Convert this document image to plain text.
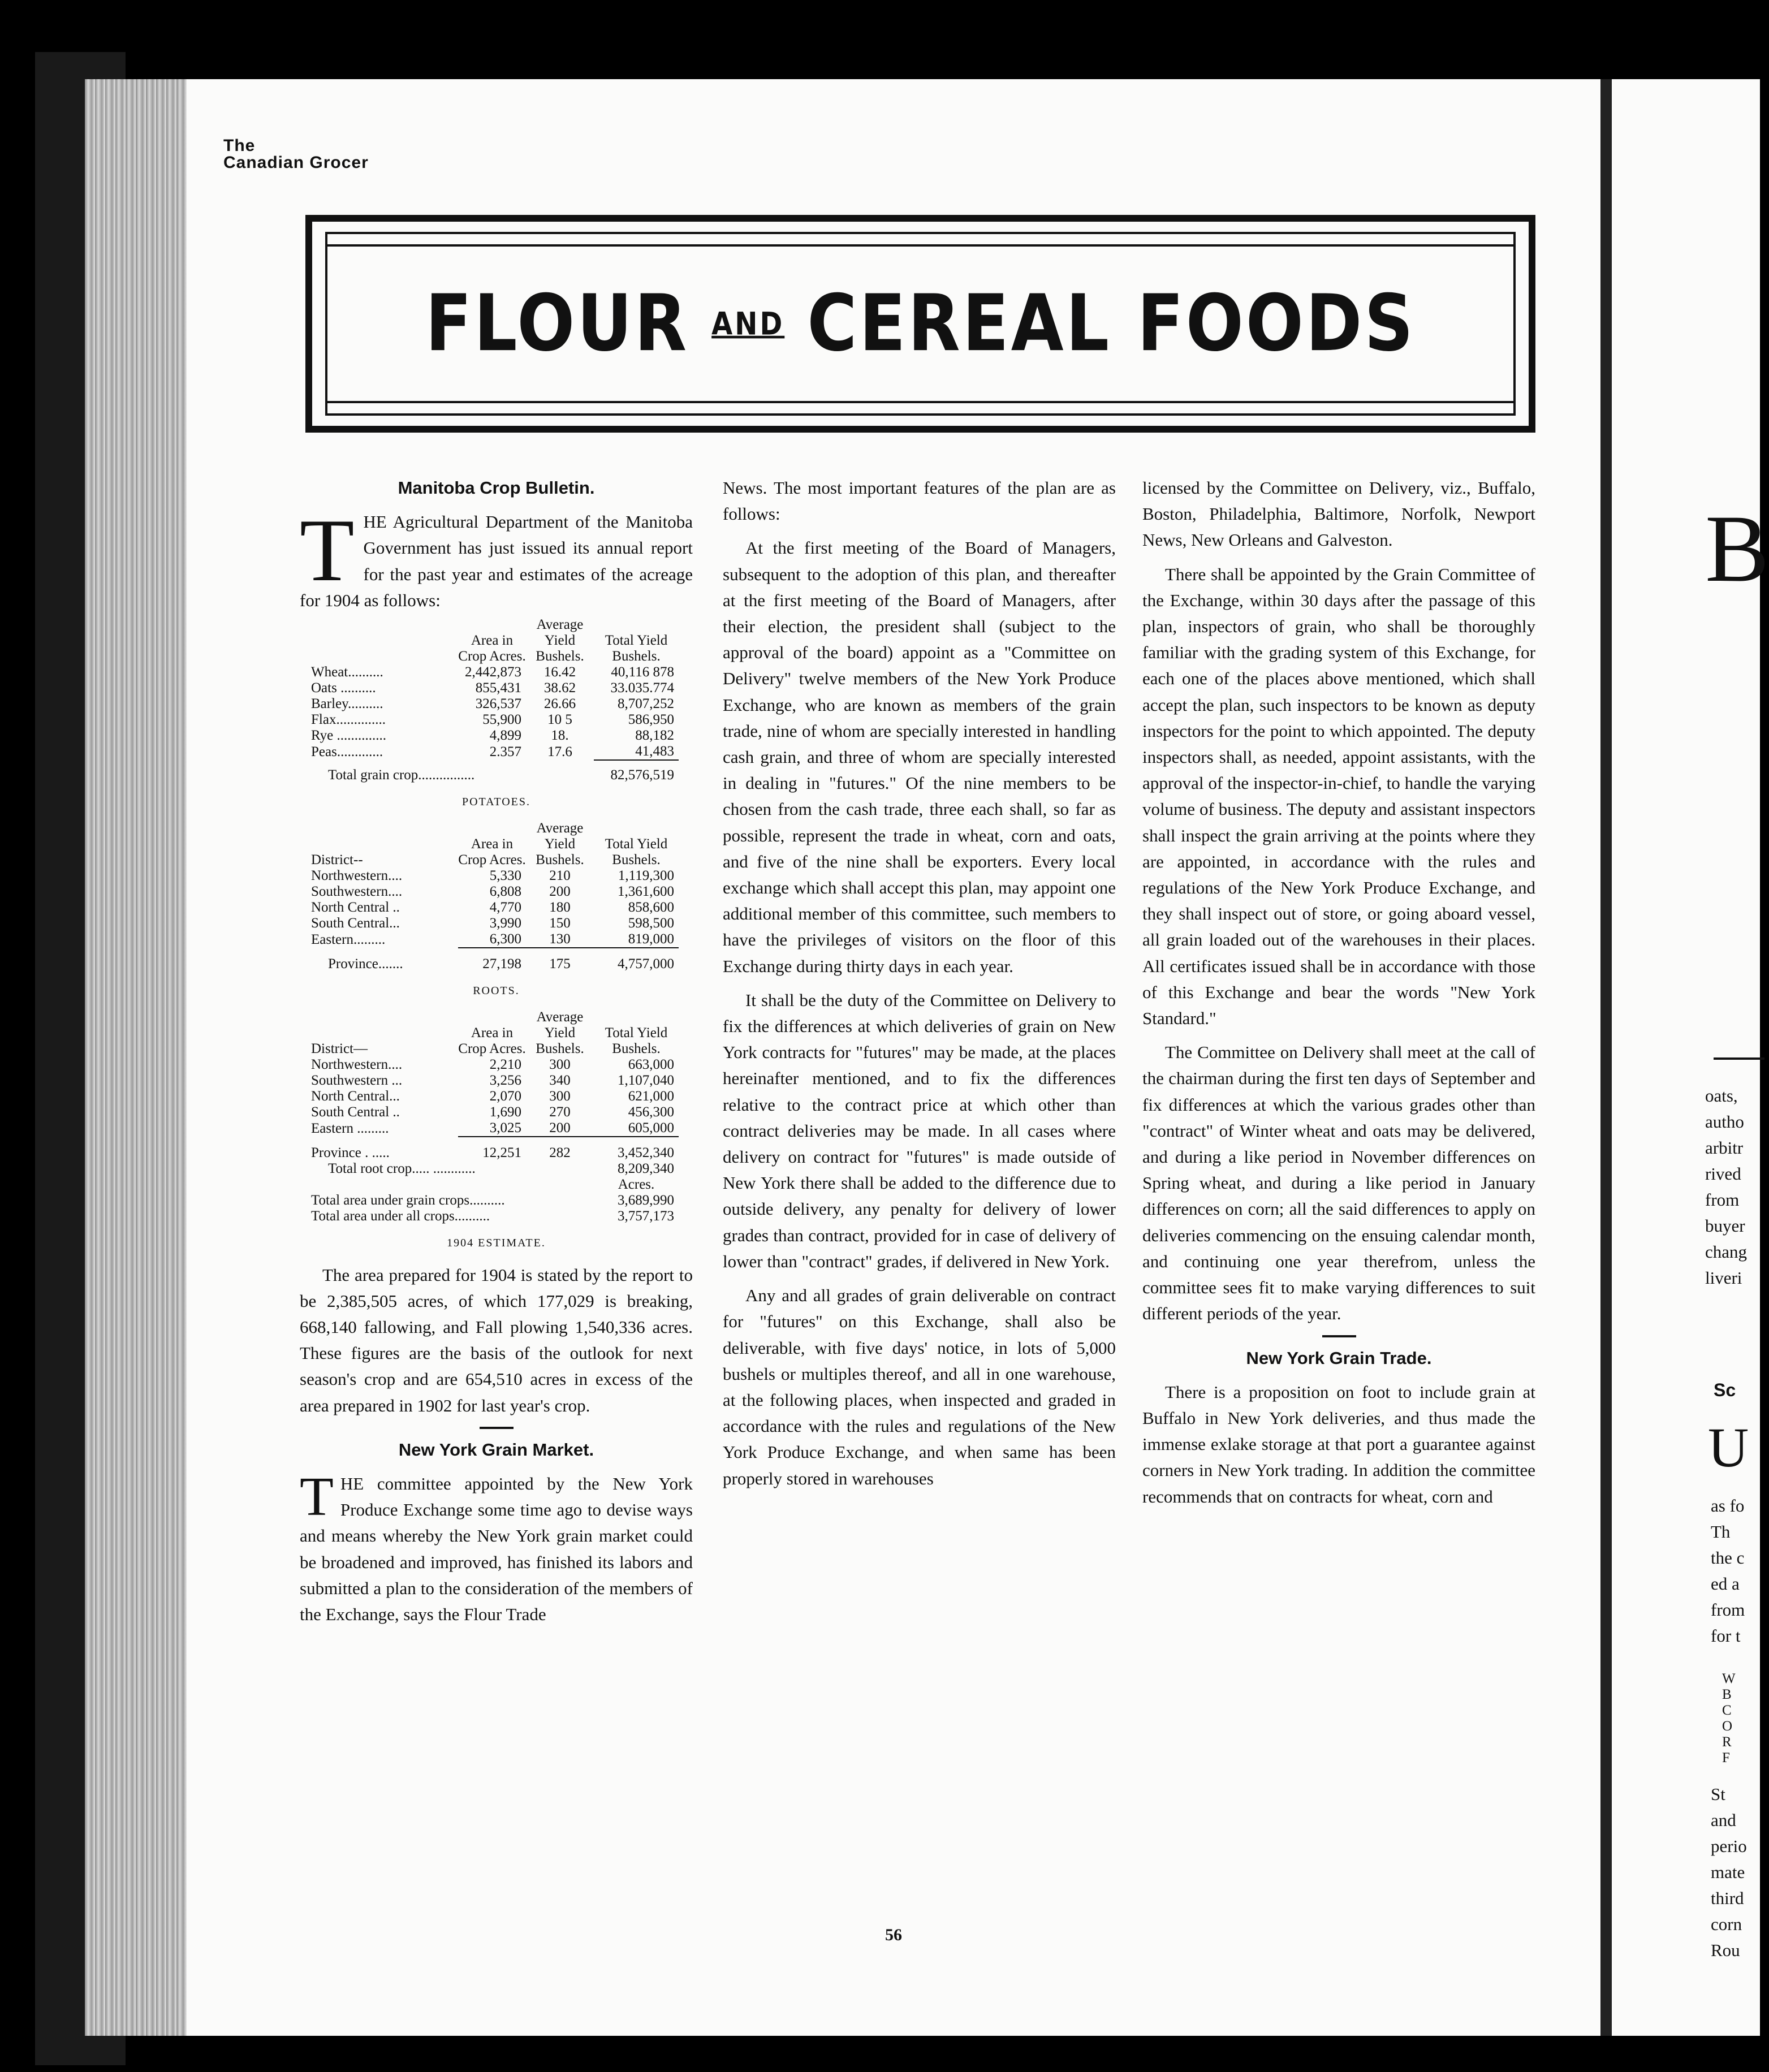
The
Canadian Grocer
FLOUR AND CEREAL FOODS

Manitoba Crop Bulletin.

THE Agricultural Department of the Manitoba Government has just issued its annual report for the past year and estimates of the acreage for 1904 as follows:

	Area in Crop Acres.	Average Yield Bushels.	Total Yield Bushels.
Wheat..........	2,442,873	16.42	40,116 878
Oats ..........	855,431	38.62	33.035.774
Barley..........	326,537	26.66	8,707,252
Flax..............	55,900	10 5	586,950
Rye ..............	4,899	18.	88,182
Peas.............	2.357	17.6	41,483
Total grain crop................			82,576,519
POTATOES.
District--	Area in Crop Acres.	Average Yield Bushels.	Total Yield Bushels.
Northwestern....	5,330	210	1,119,300
Southwestern....	6,808	200	1,361,600
North Central ..	4,770	180	858,600
South Central...	3,990	150	598,500
Eastern.........	6,300	130	819,000
Province.......	27,198	175	4,757,000
ROOTS.
District—	Area in Crop Acres.	Average Yield Bushels.	Total Yield Bushels.
Northwestern....	2,210	300	663,000
Southwestern ...	3,256	340	1,107,040
North Central...	2,070	300	621,000
South Central ..	1,690	270	456,300
Eastern .........	3,025	200	605,000
Province . .....	12,251	282	3,452,340
Total root crop..... ............			8,209,340
			Acres.
Total area under grain crops..........			3,689,990
Total area under all crops..........			3,757,173
1904 ESTIMATE.

The area prepared for 1904 is stated by the report to be 2,385,505 acres, of which 177,029 is breaking, 668,140 fallowing, and Fall plowing 1,540,336 acres. These figures are the basis of the outlook for next season's crop and are 654,510 acres in excess of the area prepared in 1902 for last year's crop.

New York Grain Market.

THE committee appointed by the New York Produce Exchange some time ago to devise ways and means whereby the New York grain market could be broadened and improved, has finished its labors and submitted a plan to the consideration of the members of the Exchange, says the Flour Trade

News. The most important features of the plan are as follows:

At the first meeting of the Board of Managers, subsequent to the adoption of this plan, and thereafter at the first meeting of the Board of Managers, after their election, the president shall (subject to the approval of the board) appoint as a "Committee on Delivery" twelve members of the New York Produce Exchange, who are known as members of the grain trade, nine of whom are specially interested in handling cash grain, and three of whom are specially interested in dealing in "futures." Of the nine members to be chosen from the cash trade, three each shall, so far as possible, represent the trade in wheat, corn and oats, and five of the nine shall be exporters. Every local exchange which shall accept this plan, may appoint one additional member of this committee, such members to have the privileges of visitors on the floor of this Exchange during thirty days in each year.

It shall be the duty of the Committee on Delivery to fix the differences at which deliveries of grain on New York contracts for "futures" may be made, at the places hereinafter mentioned, and to fix the differences relative to the contract price at which other than contract deliveries may be made. In all cases where delivery on contract for "futures" is made outside of New York there shall be added to the difference due to outside delivery, any penalty for delivery of lower grades than contract, provided for in case of delivery of lower than "contract" grades, if delivered in New York.

Any and all grades of grain deliverable on contract for "futures" on this Exchange, shall also be deliverable, with five days' notice, in lots of 5,000 bushels or multiples thereof, and all in one warehouse, at the following places, when inspected and graded in accordance with the rules and regulations of the New York Produce Exchange, and when same has been properly stored in warehouses

licensed by the Committee on Delivery, viz., Buffalo, Boston, Philadelphia, Baltimore, Norfolk, Newport News, New Orleans and Galveston.

There shall be appointed by the Grain Committee of the Exchange, within 30 days after the passage of this plan, inspectors of grain, who shall be thoroughly familiar with the grading system of this Exchange, for each one of the places above mentioned, which shall accept the plan, such inspectors to be known as deputy inspectors for the point to which appointed. The deputy inspectors shall, as needed, appoint assistants, with the approval of the inspector-in-chief, to handle the varying volume of business. The deputy and assistant inspectors shall inspect the grain arriving at the points where they are appointed, in accordance with the rules and regulations of the New York Produce Exchange, and they shall inspect out of store, or going aboard vessel, all grain loaded out of the warehouses in their places. All certificates issued shall be in accordance with those of this Exchange and bear the words "New York Standard."

The Committee on Delivery shall meet at the call of the chairman during the first ten days of September and fix differences at which the various grades other than "contract" of Winter wheat and oats may be delivered, and during a like period in November differences on Spring wheat, and during a like period in January differences on corn; all the said differences to apply on deliveries commencing on the ensuing calendar month, and continuing one year therefrom, unless the committee sees fit to make varying differences to suit different periods of the year.

New York Grain Trade.

There is a proposition on foot to include grain at Buffalo in New York deliveries, and thus made the immense exlake storage at that port a guarantee against corners in New York trading. In addition the committee recommends that on contracts for wheat, corn and

56
B
oats,
autho
arbitr
rived
from
buyer
chang
liveri
Sc
U
as fo
Th
the c
ed a
from
for t
W
B
C
O
R
F
St
and
perio
mate
third
corn
Rou
